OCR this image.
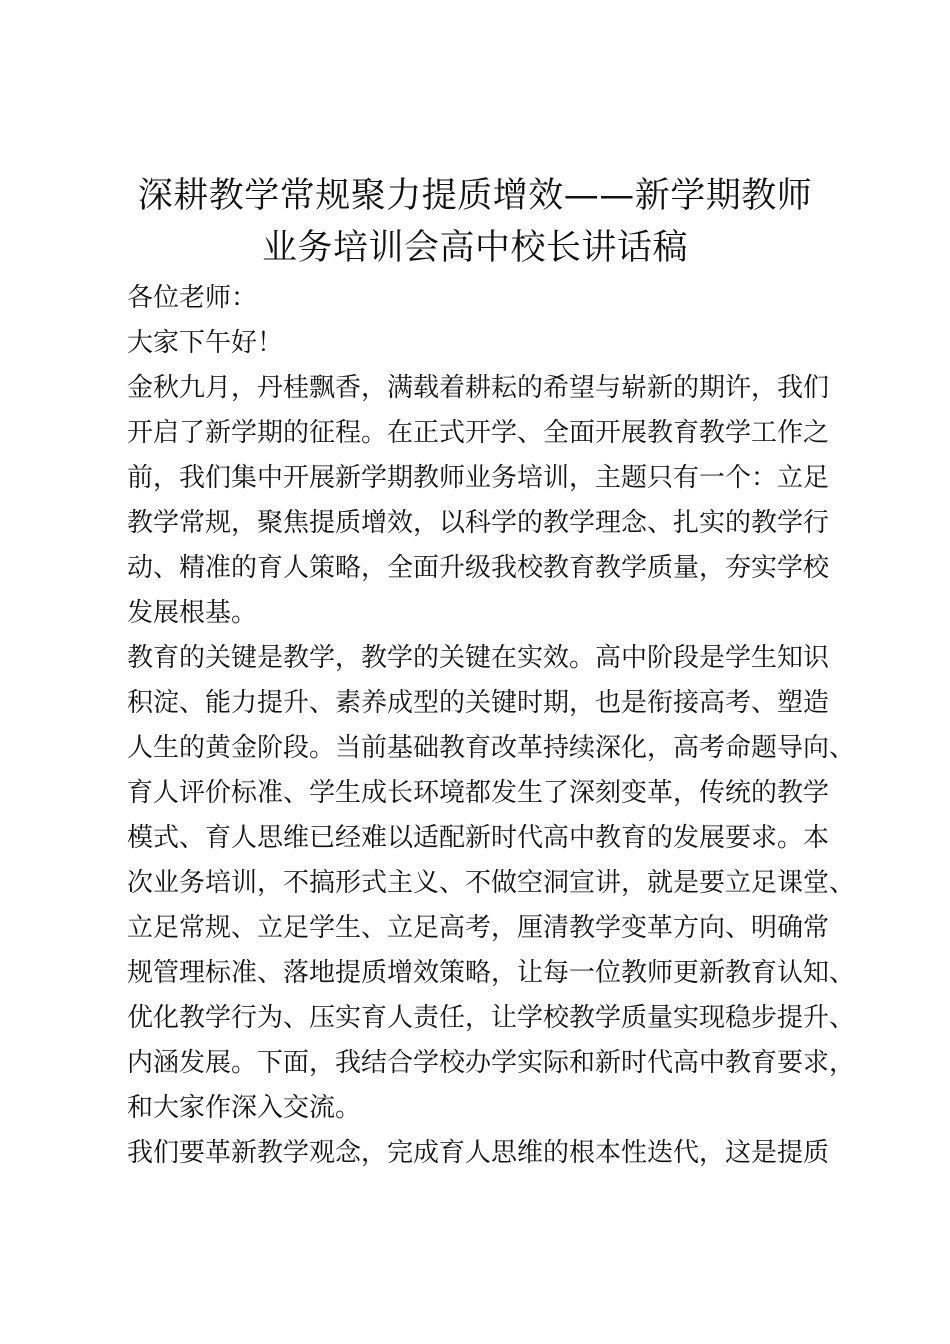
深耕教学常规聚力提质增效——新学期教师
业务培训会高中校长讲话稿
各位老师：
大家下午好！
金秋九月，丹桂飘香，满载着耕耘的希望与崭新的期许，我们
开启了新学期的征程。在正式开学、全面开展教育教学工作之
前，我们集中开展新学期教师业务培训，主题只有一个：立足
教学常规，聚焦提质增效，以科学的教学理念、扎实的教学行
动、精准的育人策略，全面升级我校教育教学质量，夯实学校
发展根基。
教育的关键是教学，教学的关键在实效。高中阶段是学生知识
积淀、能力提升、素养成型的关键时期，也是衔接高考、塑造
人生的黄金阶段。当前基础教育改革持续深化，高考命题导向、
育人评价标准、学生成长环境都发生了深刻变革，传统的教学
模式、育人思维已经难以适配新时代高中教育的发展要求。本
次业务培训，不搞形式主义、不做空洞宣讲，就是要立足课堂、
立足常规、立足学生、立足高考，厘清教学变革方向、明确常
规管理标准、落地提质增效策略，让每一位教师更新教育认知、
优化教学行为、压实育人责任，让学校教学质量实现稳步提升、
内涵发展。下面，我结合学校办学实际和新时代高中教育要求，
和大家作深入交流。
我们要革新教学观念，完成育人思维的根本性迭代，这是提质
